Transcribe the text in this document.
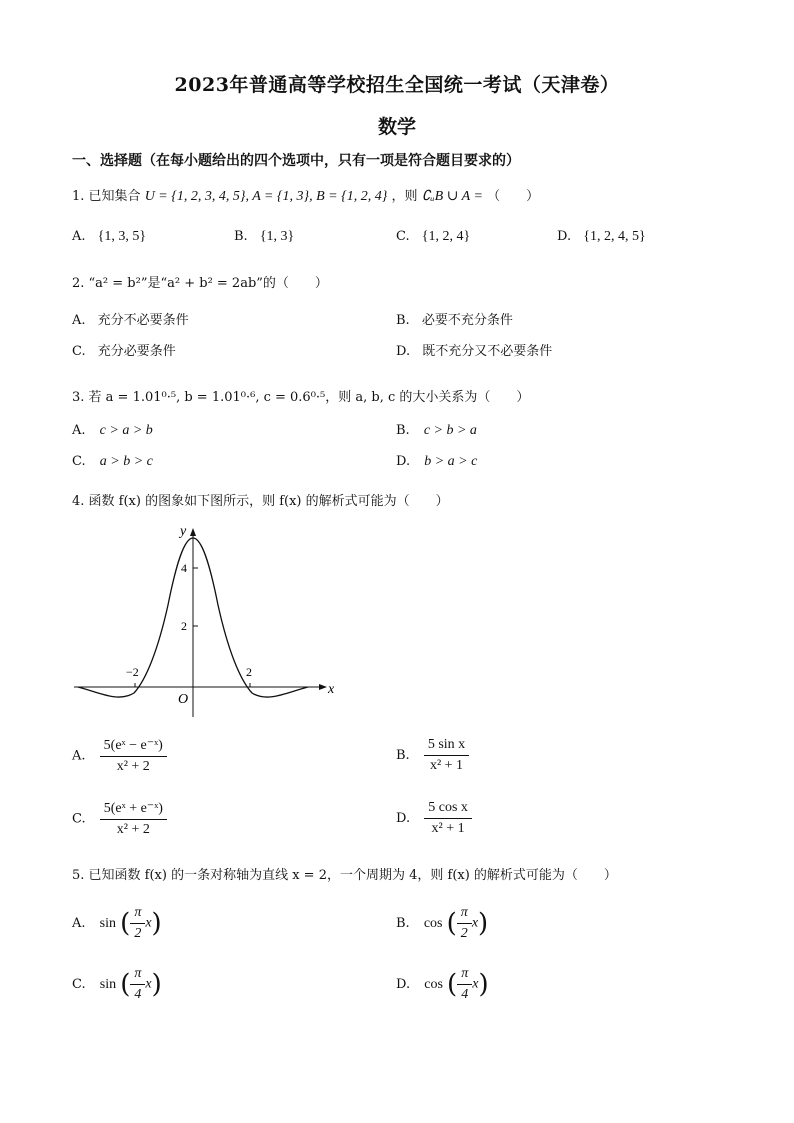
2023年普通高等学校招生全国统一考试（天津卷）
数学
一、选择题（在每小题给出的四个选项中，只有一项是符合题目要求的）
1. 已知集合 U = {1, 2, 3, 4, 5}, A = {1, 3}, B = {1, 2, 4} ，则 ∁ᵤB ∪ A = （　　）
A. {1, 3, 5}	B. {1, 3}	C. {1, 2, 4}	D. {1, 2, 4, 5}
2. “a² = b²”是“a² + b² = 2ab”的（　　）
A. 充分不必要条件	B. 必要不充分条件
C. 充分必要条件	D. 既不充分又不必要条件
3. 若 a = 1.01⁰·⁵, b = 1.01⁰·⁶, c = 0.6⁰·⁵，则 a, b, c 的大小关系为（　　）
A. c > a > b	B. c > b > a
C. a > b > c	D. b > a > c
4. 函数 f(x) 的图象如下图所示，则 f(x) 的解析式可能为（　　）
y
x
O
−2	2
2
4
A. $\frac{\text{5(eˣ − e⁻ˣ)}}{\text{x² + 2}}$	B. $\frac{\text{5 sin x}}{\text{x² + 1}}$
C. $\frac{\text{5(eˣ + e⁻ˣ)}}{\text{x² + 2}}$	D. $\frac{\text{5 cos x}}{\text{x² + 1}}$
5. 已知函数 f(x) 的一条对称轴为直线 x = 2，一个周期为 4，则 f(x) 的解析式可能为（　　）
A. sin ( $\frac{\pi}{2} x$)	B. cos ( $\frac{\pi}{2} x$)
C. sin ( $\frac{\pi}{4} x$)	D. cos ( $\frac{\pi}{4} x$)
